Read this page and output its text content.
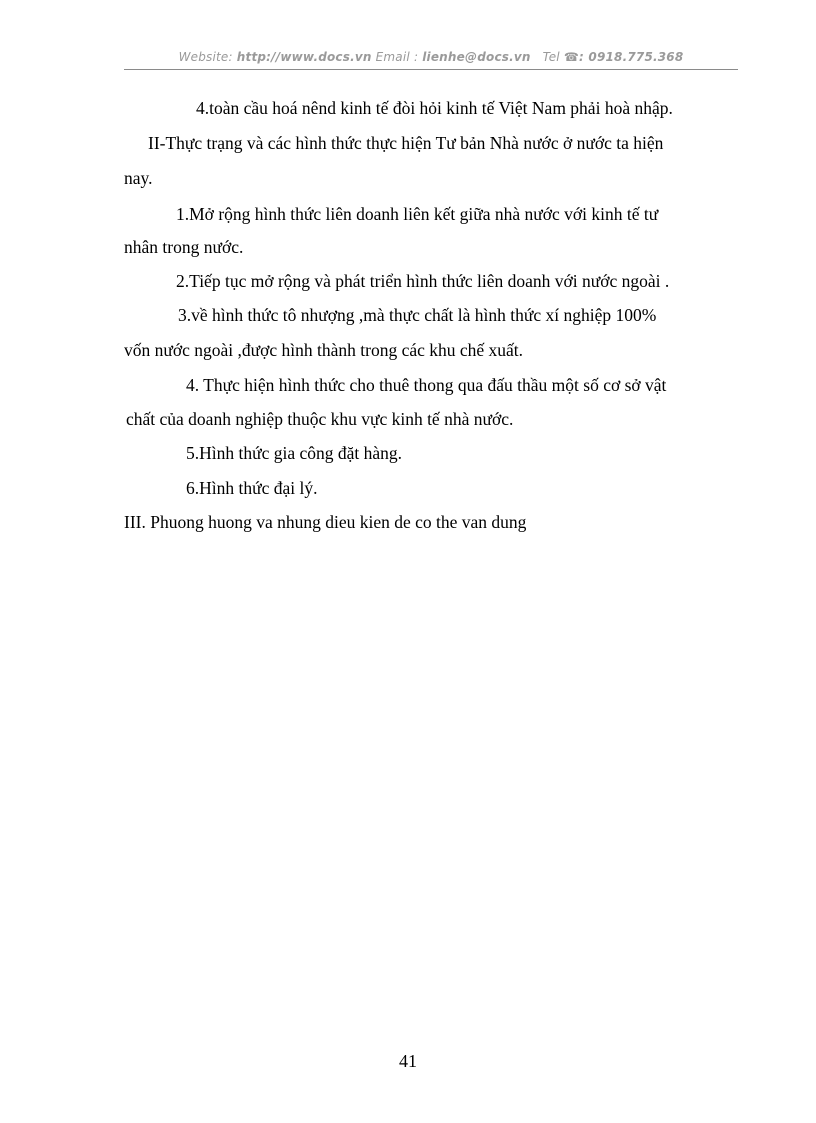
Website: http://www.docs.vn Email : lienhe@docs.vn Tel ☎: 0918.775.368
4.toàn cầu hoá nênd kinh tế đòi hỏi kinh tế Việt Nam phải hoà nhập.
II-Thực trạng và các hình thức thực hiện Tư bản Nhà nước ở nước ta hiện
nay.
1.Mở rộng hình thức liên doanh liên kết giữa nhà nước với kinh tế tư
nhân trong nước.
2.Tiếp tục mở rộng và phát triển hình thức liên doanh với nước ngoài .
3.về hình thức tô nhượng ,mà thực chất là hình thức xí nghiệp 100%
vốn nước ngoài ,được hình thành trong các khu chế xuất.
4. Thực hiện hình thức cho thuê thong qua đấu thầu một số cơ sở vật
chất của doanh nghiệp thuộc khu vực kinh tế nhà nước.
5.Hình thức gia công đặt hàng.
6.Hình thức đại lý.
III. Phuong huong va nhung dieu kien de co the van dung
41
